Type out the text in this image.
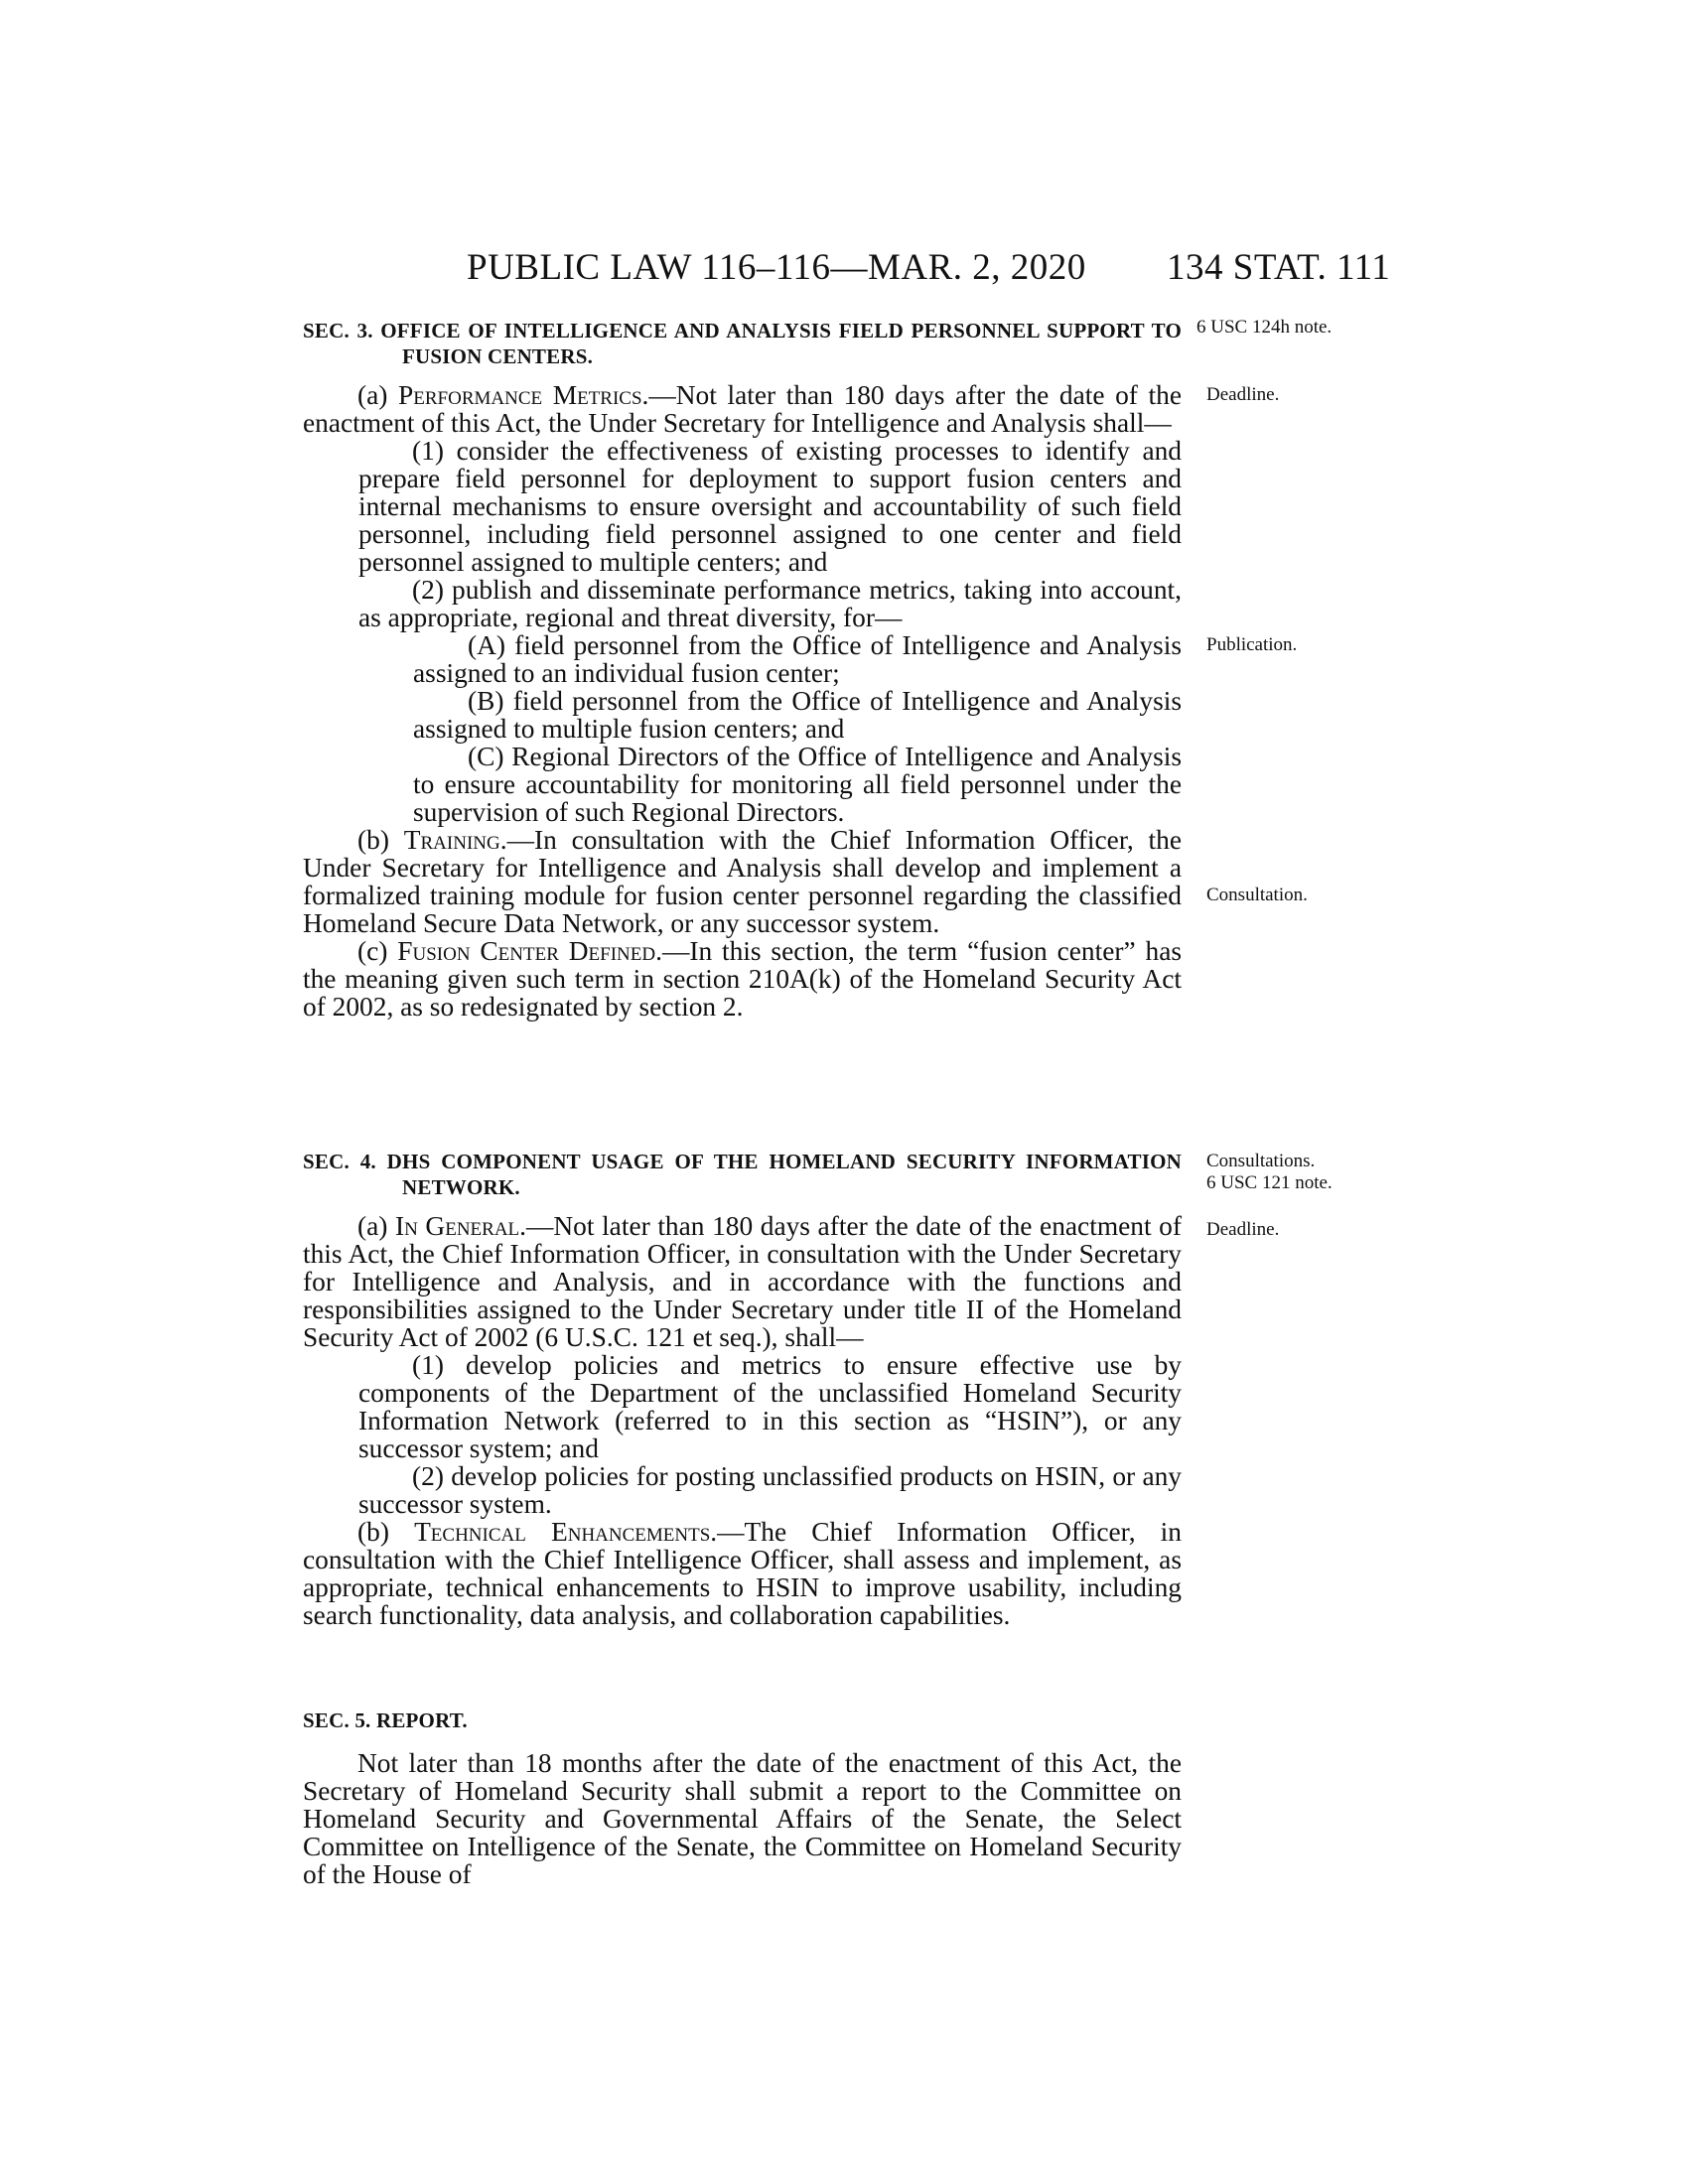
PUBLIC LAW 116–116—MAR. 2, 2020 134 STAT. 111
6 USC 124h note.
Deadline.
Publication.
Consultation.
Consultations.
6 USC 121 note.
Deadline.

SEC. 3. OFFICE OF INTELLIGENCE AND ANALYSIS FIELD PERSONNEL SUPPORT TO FUSION CENTERS.

(a) Performance Metrics.—Not later than 180 days after the date of the enactment of this Act, the Under Secretary for Intelligence and Analysis shall—

(1) consider the effectiveness of existing processes to identify and prepare field personnel for deployment to support fusion centers and internal mechanisms to ensure oversight and accountability of such field personnel, including field personnel assigned to one center and field personnel assigned to multiple centers; and

(2) publish and disseminate performance metrics, taking into account, as appropriate, regional and threat diversity, for—

(A) field personnel from the Office of Intelligence and Analysis assigned to an individual fusion center;

(B) field personnel from the Office of Intelligence and Analysis assigned to multiple fusion centers; and

(C) Regional Directors of the Office of Intelligence and Analysis to ensure accountability for monitoring all field personnel under the supervision of such Regional Directors.

(b) Training.—In consultation with the Chief Information Officer, the Under Secretary for Intelligence and Analysis shall develop and implement a formalized training module for fusion center personnel regarding the classified Homeland Secure Data Network, or any successor system.

(c) Fusion Center Defined.—In this section, the term “fusion center” has the meaning given such term in section 210A(k) of the Homeland Security Act of 2002, as so redesignated by section 2.

SEC. 4. DHS COMPONENT USAGE OF THE HOMELAND SECURITY INFORMATION NETWORK.

(a) In General.—Not later than 180 days after the date of the enactment of this Act, the Chief Information Officer, in consultation with the Under Secretary for Intelligence and Analysis, and in accordance with the functions and responsibilities assigned to the Under Secretary under title II of the Homeland Security Act of 2002 (6 U.S.C. 121 et seq.), shall—

(1) develop policies and metrics to ensure effective use by components of the Department of the unclassified Homeland Security Information Network (referred to in this section as “HSIN”), or any successor system; and

(2) develop policies for posting unclassified products on HSIN, or any successor system.

(b) Technical Enhancements.—The Chief Information Officer, in consultation with the Chief Intelligence Officer, shall assess and implement, as appropriate, technical enhancements to HSIN to improve usability, including search functionality, data analysis, and collaboration capabilities.

SEC. 5. REPORT.

Not later than 18 months after the date of the enactment of this Act, the Secretary of Homeland Security shall submit a report to the Committee on Homeland Security and Governmental Affairs of the Senate, the Select Committee on Intelligence of the Senate, the Committee on Homeland Security of the House of
